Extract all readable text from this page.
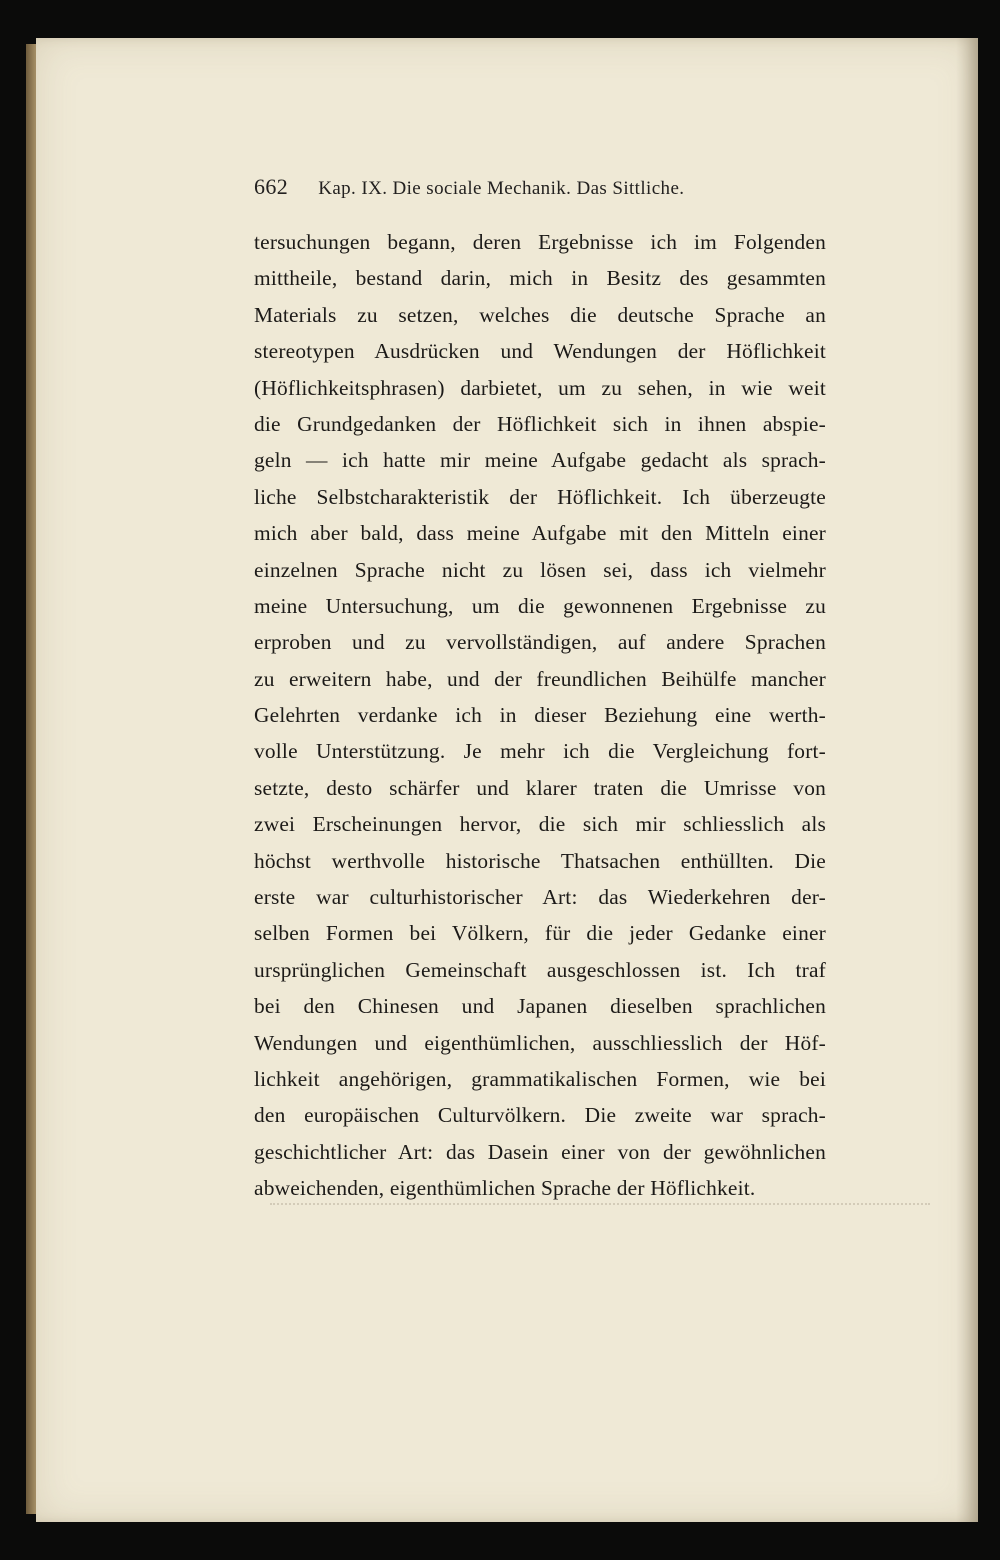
662 Kap. IX. Die sociale Mechanik. Das Sittliche.
tersuchungen begann, deren Ergebnisse ich im Folgenden
mittheile, bestand darin, mich in Besitz des gesammten
Materials zu setzen, welches die deutsche Sprache an
stereotypen Ausdrücken und Wendungen der Höflichkeit
(Höflichkeitsphrasen) darbietet, um zu sehen, in wie weit
die Grundgedanken der Höflichkeit sich in ihnen abspie-
geln — ich hatte mir meine Aufgabe gedacht als sprach-
liche Selbstcharakteristik der Höflichkeit. Ich überzeugte
mich aber bald, dass meine Aufgabe mit den Mitteln einer
einzelnen Sprache nicht zu lösen sei, dass ich vielmehr
meine Untersuchung, um die gewonnenen Ergebnisse zu
erproben und zu vervollständigen, auf andere Sprachen
zu erweitern habe, und der freundlichen Beihülfe mancher
Gelehrten verdanke ich in dieser Beziehung eine werth-
volle Unterstützung. Je mehr ich die Vergleichung fort-
setzte, desto schärfer und klarer traten die Umrisse von
zwei Erscheinungen hervor, die sich mir schliesslich als
höchst werthvolle historische Thatsachen enthüllten. Die
erste war culturhistorischer Art: das Wiederkehren der-
selben Formen bei Völkern, für die jeder Gedanke einer
ursprünglichen Gemeinschaft ausgeschlossen ist. Ich traf
bei den Chinesen und Japanen dieselben sprachlichen
Wendungen und eigenthümlichen, ausschliesslich der Höf-
lichkeit angehörigen, grammatikalischen Formen, wie bei
den europäischen Culturvölkern. Die zweite war sprach-
geschichtlicher Art: das Dasein einer von der gewöhnlichen
abweichenden, eigenthümlichen Sprache der Höflichkeit.
